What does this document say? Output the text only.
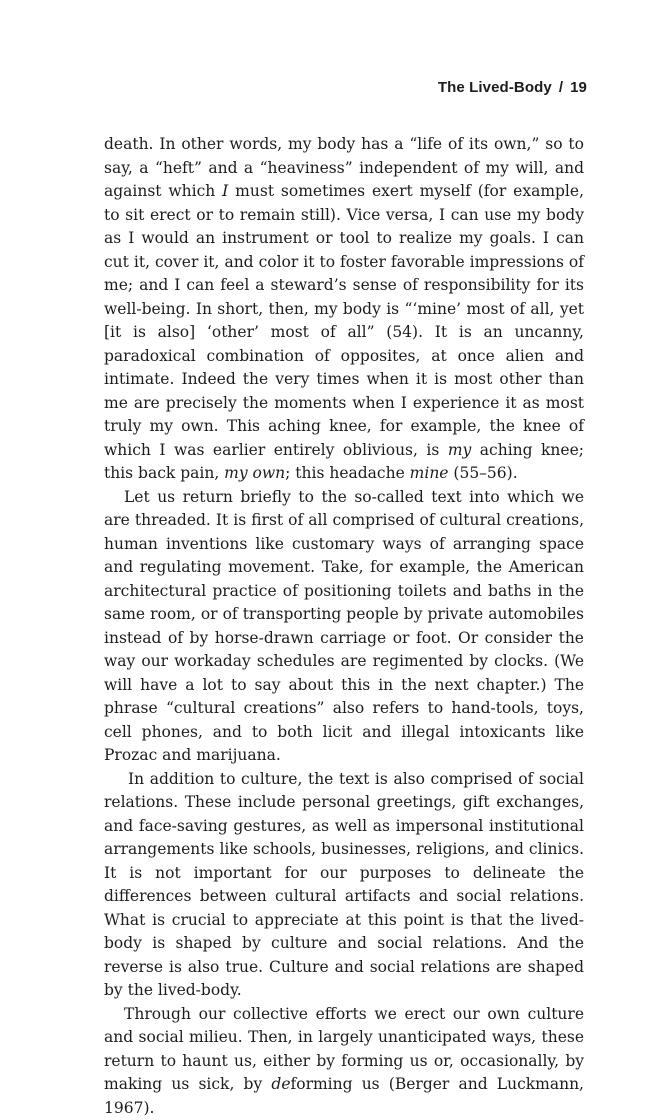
The Lived-Body / 19

death. In other words, my body has a “life of its own,” so to say, a “heft” and a “heaviness” independent of my will, and against which I must sometimes exert myself (for example, to sit erect or to remain still). Vice versa, I can use my body as I would an instrument or tool to realize my goals. I can cut it, cover it, and color it to foster favorable impressions of me; and I can feel a steward’s sense of responsibility for its well-being. In short, then, my body is “‘mine’ most of all, yet [it is also] ‘other’ most of all” (54). It is an uncanny, paradoxical combination of opposites, at once alien and intimate. Indeed the very times when it is most other than me are precisely the moments when I experience it as most truly my own. This aching knee, for example, the knee of which I was earlier entirely oblivious, is my aching knee; this back pain, my own; this headache mine (55–56).

Let us return briefly to the so-called text into which we are threaded. It is first of all comprised of cultural creations, human inventions like customary ways of arranging space and regulating movement. Take, for example, the American architectural practice of positioning toilets and baths in the same room, or of transporting people by private automobiles instead of by horse-drawn carriage or foot. Or consider the way our workaday schedules are regimented by clocks. (We will have a lot to say about this in the next chapter.) The phrase “cultural creations” also refers to hand-tools, toys, cell phones, and to both licit and illegal intoxicants like Prozac and marijuana.

In addition to culture, the text is also comprised of social relations. These include personal greetings, gift exchanges, and face-saving gestures, as well as impersonal institutional arrangements like schools, businesses, religions, and clinics. It is not important for our purposes to delineate the differences between cultural artifacts and social relations. What is crucial to appreciate at this point is that the lived-body is shaped by culture and social relations. And the reverse is also true. Culture and social relations are shaped by the lived-body.

Through our collective efforts we erect our own culture and social milieu. Then, in largely unanticipated ways, these return to haunt us, either by forming us or, occasionally, by making us sick, by deforming us (Berger and Luckmann, 1967).
